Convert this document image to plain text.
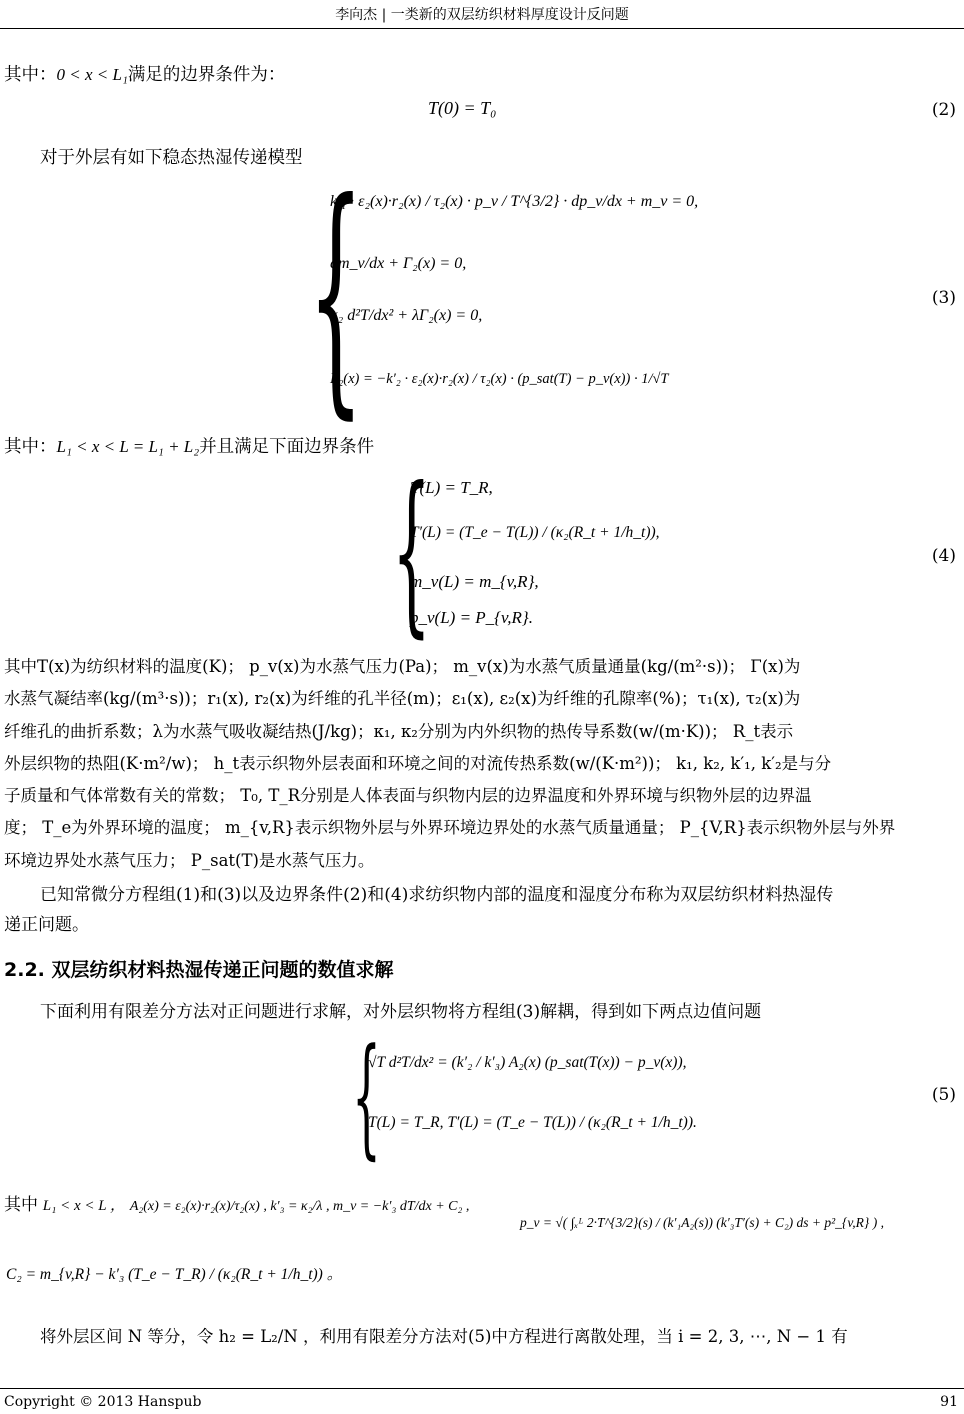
李向杰 | 一类新的双层纺织材料厚度设计反问题
其中：0 < x < L₁满足的边界条件为：
T(0) = T₀	(2)
对于外层有如下稳态热湿传递模型 {
k′₁ · ε₂(x)·r₂(x) / τ₂(x) · p_v / T^{3/2} · dp_v/dx + m_v = 0,
dm_v/dx + Γ₂(x) = 0,
κ₂ d²T/dx² + λΓ₂(x) = 0,
Γ₂(x) = −k′₂ · ε₂(x)·r₂(x) / τ₂(x) · (p_sat(T) − p_v(x)) · 1/√T
(3)
其中：L₁ < x < L = L₁ + L₂并且满足下面边界条件
{
T(L) = T_R,
T′(L) = (T_e − T(L)) / (κ₂(R_t + 1/h_t)),
m_v(L) = m_{v,R},
p_v(L) = P_{v,R}.
(4)
其中T(x)为纺织材料的温度(K)； p_v(x)为水蒸气压力(Pa)； m_v(x)为水蒸气质量通量(kg/(m²·s))； Γ(x)为
水蒸气凝结率(kg/(m³·s))；r₁(x), r₂(x)为纤维的孔半径(m)；ε₁(x), ε₂(x)为纤维的孔隙率(%)；τ₁(x), τ₂(x)为
纤维孔的曲折系数；λ为水蒸气吸收凝结热(J/kg)；κ₁, κ₂分别为内外织物的热传导系数(w/(m·K))； R_t表示
外层织物的热阻(K·m²/w)； h_t表示织物外层表面和环境之间的对流传热系数(w/(K·m²))； k₁, k₂, k′₁, k′₂是与分
子质量和气体常数有关的常数； T₀, T_R分别是人体表面与织物内层的边界温度和外界环境与织物外层的边界温
度； T_e为外界环境的温度； m_{v,R}表示织物外层与外界环境边界处的水蒸气质量通量； P_{V,R}表示织物外层与外界
环境边界处水蒸气压力； P_sat(T)是水蒸气压力。
已知常微分方程组(1)和(3)以及边界条件(2)和(4)求纺织物内部的温度和湿度分布称为双层纺织材料热湿传
递正问题。
2.2. 双层纺织材料热湿传递正问题的数值求解
下面利用有限差分方法对正问题进行求解，对外层织物将方程组(3)解耦，得到如下两点边值问题
{
√T d²T/dx² = (k′₂ / k′₃) A₂(x) (p_sat(T(x)) − p_v(x)),
T(L) = T_R, T′(L) = (T_e − T(L)) / (κ₂(R_t + 1/h_t)).
(5)
其中 L₁ < x < L ， A₂(x) = ε₂(x)·r₂(x)/τ₂(x) , k′₃ = κ₂/λ , m_v = −k′₃ dT/dx + C₂ ,
p_v = √( ∫ₓᴸ 2·T^{3/2}(s) / (k′₁A₂(s)) (k′₃T′(s) + C₂) ds + p²_{v,R} ) ,
C₂ = m_{v,R} − k′₃ (T_e − T_R) / (κ₂(R_t + 1/h_t)) 。
将外层区间 N 等分，令 h₂ = L₂/N ，利用有限差分方法对(5)中方程进行离散处理，当 i = 2, 3, ⋯, N − 1 有
Copyright © 2013 Hanspub	91
